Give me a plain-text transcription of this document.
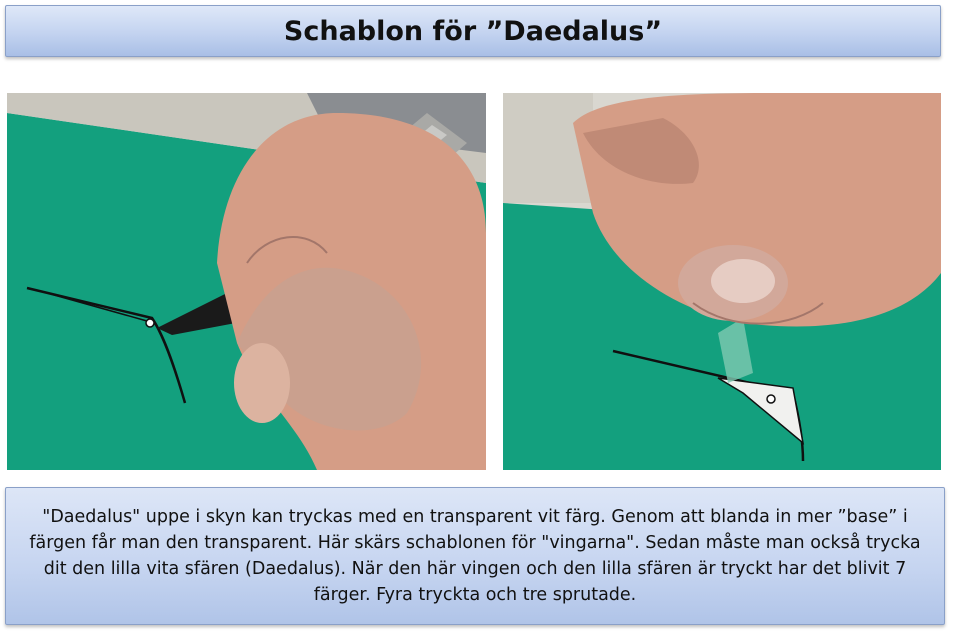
Schablon för ”Daedalus”

"Daedalus" uppe i skyn kan tryckas med en transparent vit färg. Genom att blanda in mer ”base” i färgen får man den transparent. Här skärs schablonen för "vingarna". Sedan måste man också trycka dit den lilla vita sfären (Daedalus). När den här vingen och den lilla sfären är tryckt har det blivit 7 färger. Fyra tryckta och tre sprutade.
